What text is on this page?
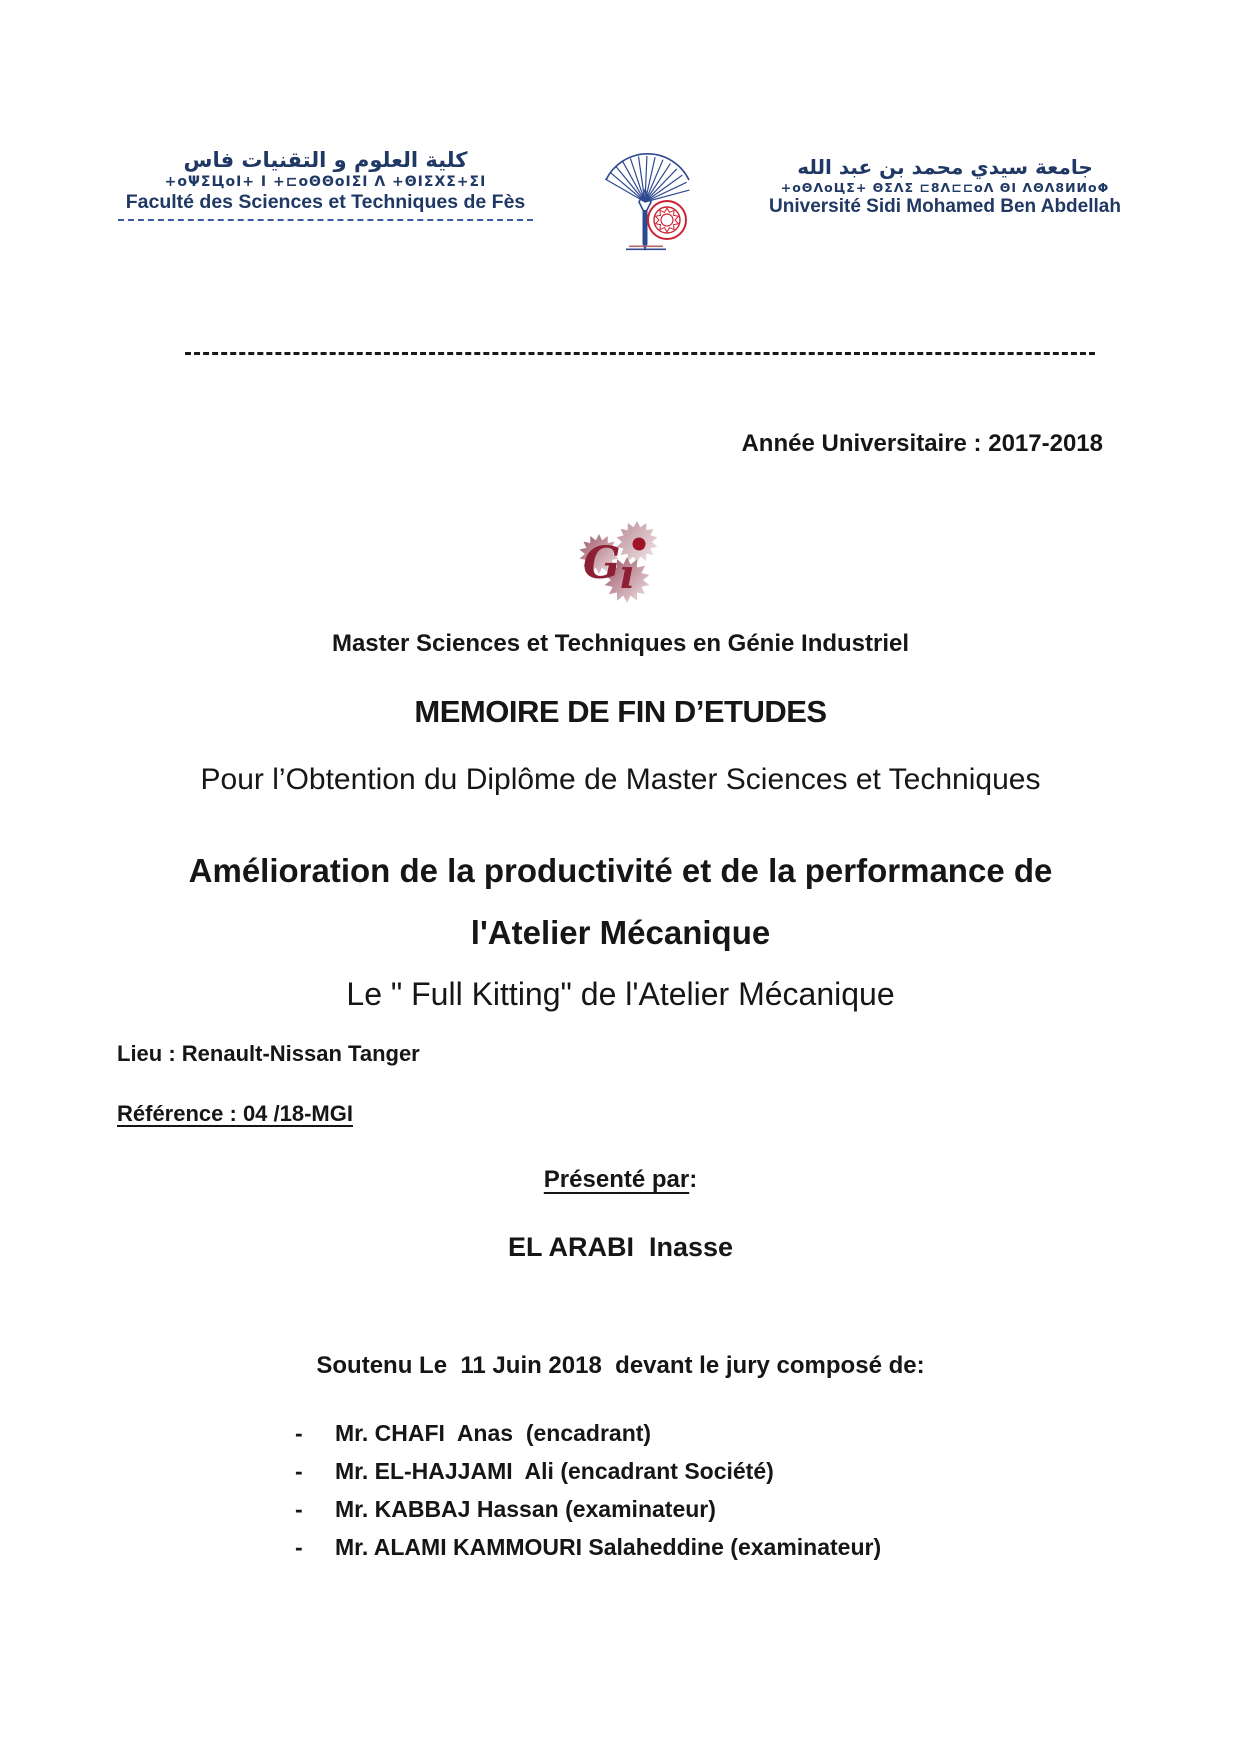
كلية العلوم و التقنيات فاس
+oΨΣЦoI+ I +⊏oΘΘoIΣI Λ +ΘIΣΧΣ+ΣI
Faculté des Sciences et Techniques de Fès
جامعة سيدي محمد بن عبد الله
+oΘΛoЦΣ+ ΘΣΛΣ ⊏8Λ⊏⊏oΛ ΘI ΛΘΛ8ИИoΦ
Université Sidi Mohamed Ben Abdellah
Année Universitaire : 2017-2018
G
ı
Master Sciences et Techniques en Génie Industriel
MEMOIRE DE FIN D’ETUDES
Pour l’Obtention du Diplôme de Master Sciences et Techniques
Amélioration de la productivité et de la performance de
l'Atelier Mécanique
Le " Full Kitting" de l'Atelier Mécanique
Lieu : Renault-Nissan Tanger
Référence : 04 /18-MGI
Présenté par:
EL ARABI  Inasse
Soutenu Le  11 Juin 2018  devant le jury composé de:
-	Mr. CHAFI  Anas  (encadrant)
-	Mr. EL-HAJJAMI  Ali (encadrant Société)
-	Mr. KABBAJ Hassan (examinateur)
-	Mr. ALAMI KAMMOURI Salaheddine (examinateur)
